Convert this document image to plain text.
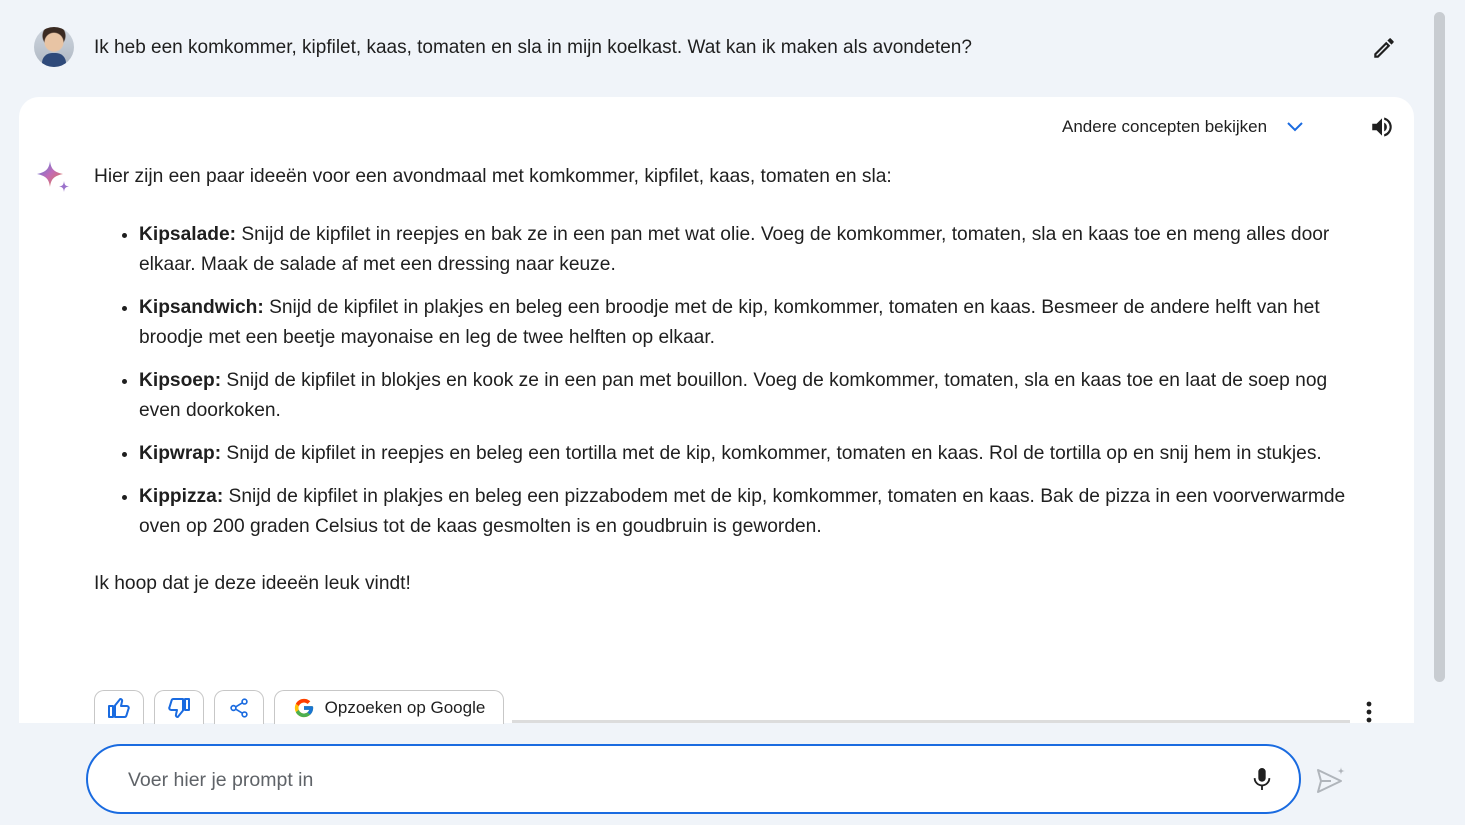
Ik heb een komkommer, kipfilet, kaas, tomaten en sla in mijn koelkast. Wat kan ik maken als avondeten?
Andere concepten bekijken

Hier zijn een paar ideeën voor een avondmaal met komkommer, kipfilet, kaas, tomaten en sla:

• Kipsalade: Snijd de kipfilet in reepjes en bak ze in een pan met wat olie. Voeg de komkommer, tomaten, sla en kaas toe en meng alles door elkaar. Maak de salade af met een dressing naar keuze.
• Kipsandwich: Snijd de kipfilet in plakjes en beleg een broodje met de kip, komkommer, tomaten en kaas. Besmeer de andere helft van het broodje met een beetje mayonaise en leg de twee helften op elkaar.
• Kipsoep: Snijd de kipfilet in blokjes en kook ze in een pan met bouillon. Voeg de komkommer, tomaten, sla en kaas toe en laat de soep nog even doorkoken.
• Kipwrap: Snijd de kipfilet in reepjes en beleg een tortilla met de kip, komkommer, tomaten en kaas. Rol de tortilla op en snij hem in stukjes.
• Kippizza: Snijd de kipfilet in plakjes en beleg een pizzabodem met de kip, komkommer, tomaten en kaas. Bak de pizza in een voorverwarmde oven op 200 graden Celsius tot de kaas gesmolten is en goudbruin is geworden.

Ik hoop dat je deze ideeën leuk vindt!

Opzoeken op Google
Voer hier je prompt in
